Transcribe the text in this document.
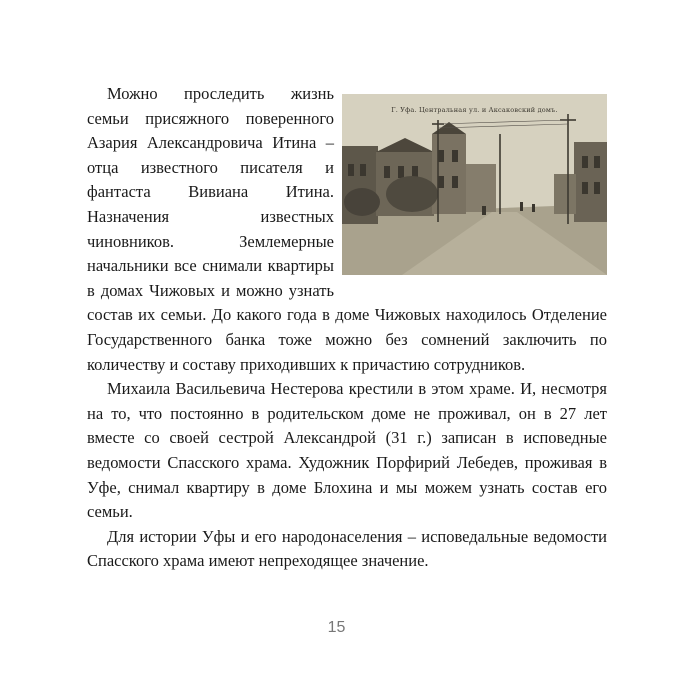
Г. Уфа. Центральная ул. и Аксаковский домъ.

Можно проследить жизнь семьи присяжного поверенного Азария Александровича Итина – отца известного писателя и фантаста Вивиана Итина. Назначения известных чиновников. Землемерные начальники все снимали квартиры в домах Чижовых и можно узнать состав их семьи. До какого года в доме Чижовых находилось Отделение Государственного банка тоже можно без сомнений заключить по количеству и составу приходивших к причастию сотрудников.

Михаила Васильевича Нестерова крестили в этом храме. И, несмотря на то, что постоянно в родительском доме не проживал, он в 27 лет вместе со своей сестрой Александрой (31 г.) записан в исповедные ведомости Спасского храма. Художник Порфирий Лебедев, проживая в Уфе, снимал квартиру в доме Блохина и мы можем узнать состав его семьи.

Для истории Уфы и его народонаселения – исповедальные ведомости Спасского храма имеют непреходящее значение.

15
